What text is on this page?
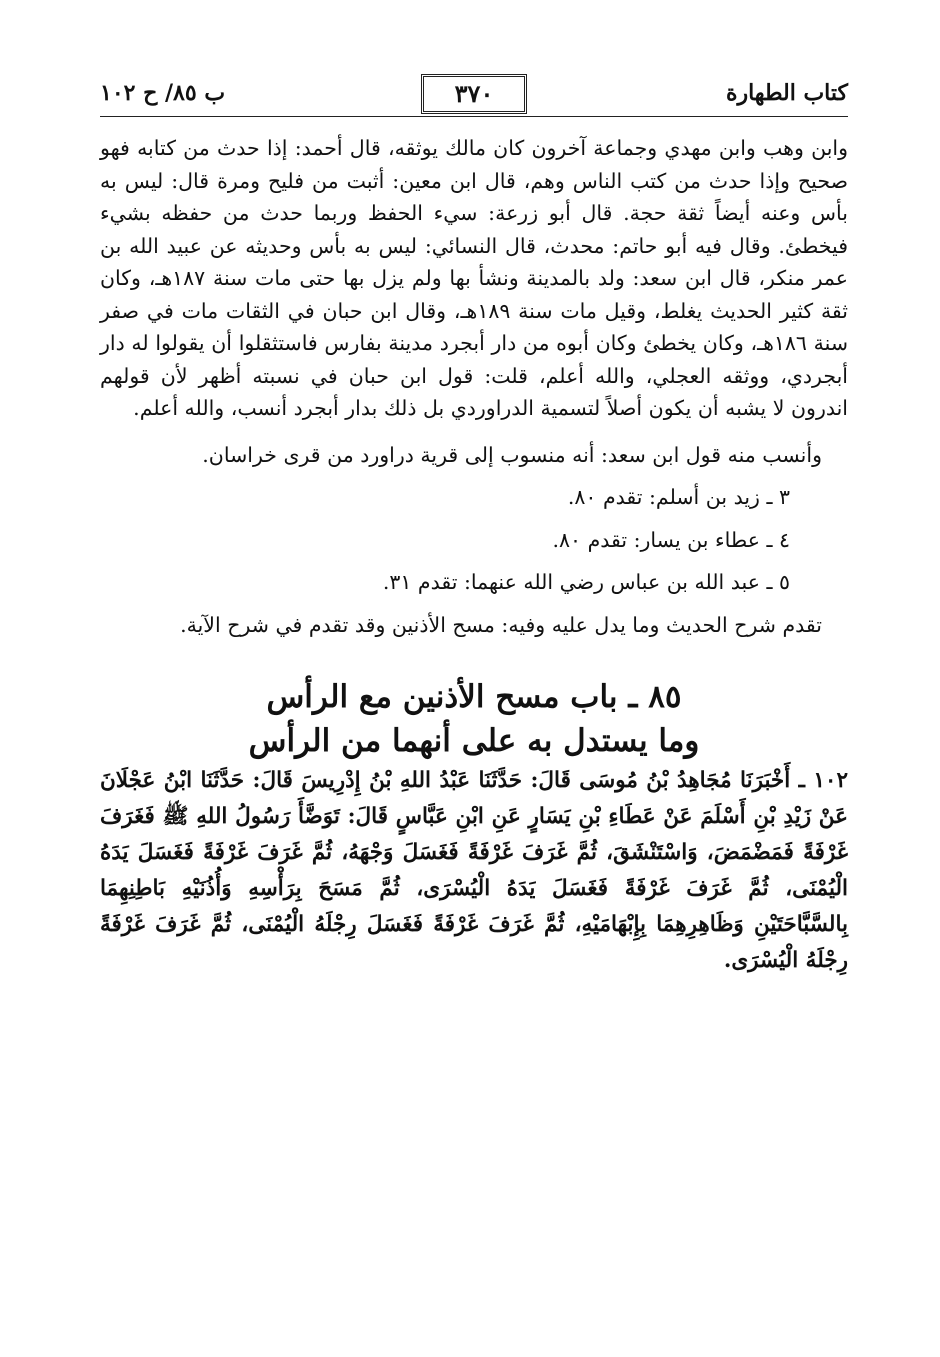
كتاب الطهارة
٣٧٠
ب ٨٥/ ح ١٠٢

وابن وهب وابن مهدي وجماعة آخرون كان مالك يوثقه، قال أحمد: إذا حدث من كتابه فهو صحيح وإذا حدث من كتب الناس وهم، قال ابن معين: أثبت من فليح ومرة قال: ليس به بأس وعنه أيضاً ثقة حجة. قال أبو زرعة: سيء الحفظ وربما حدث من حفظه بشيء فيخطئ. وقال فيه أبو حاتم: محدث، قال النسائي: ليس به بأس وحديثه عن عبيد الله بن عمر منكر، قال ابن سعد: ولد بالمدينة ونشأ بها ولم يزل بها حتى مات سنة ١٨٧هـ، وكان ثقة كثير الحديث يغلط، وقيل مات سنة ١٨٩هـ، وقال ابن حبان في الثقات مات في صفر سنة ١٨٦هـ، وكان يخطئ وكان أبوه من دار أبجرد مدينة بفارس فاستثقلوا أن يقولوا له دار أبجردي، ووثقه العجلي، والله أعلم، قلت: قول ابن حبان في نسبته أظهر لأن قولهم اندرون لا يشبه أن يكون أصلاً لتسمية الدراوردي بل ذلك بدار أبجرد أنسب، والله أعلم.

وأنسب منه قول ابن سعد: أنه منسوب إلى قرية دراورد من قرى خراسان.

٣ ـ زيد بن أسلم: تقدم ٨٠.

٤ ـ عطاء بن يسار: تقدم ٨٠.

٥ ـ عبد الله بن عباس رضي الله عنهما: تقدم ٣١.

تقدم شرح الحديث وما يدل عليه وفيه: مسح الأذنين وقد تقدم في شرح الآية.

٨٥ ـ باب مسح الأذنين مع الرأس
وما يستدل به على أنهما من الرأس

١٠٢ ـ أَخْبَرَنَا مُجَاهِدُ بْنُ مُوسَى قَالَ: حَدَّثَنَا عَبْدُ اللهِ بْنُ إِدْرِيسَ قَالَ: حَدَّثَنَا ابْنُ عَجْلَانَ عَنْ زَيْدِ بْنِ أَسْلَمَ عَنْ عَطَاءِ بْنِ يَسَارٍ عَنِ ابْنِ عَبَّاسٍ قَالَ: تَوَضَّأَ رَسُولُ اللهِ ﷺ فَغَرَفَ غَرْفَةً فَمَضْمَضَ، وَاسْتَنْشَقَ، ثُمَّ غَرَفَ غَرْفَةً فَغَسَلَ وَجْهَهُ، ثُمَّ غَرَفَ غَرْفَةً فَغَسَلَ يَدَهُ الْيُمْنَى، ثُمَّ غَرَفَ غَرْفَةً فَغَسَلَ يَدَهُ الْيُسْرَى، ثُمَّ مَسَحَ بِرَأْسِهِ وَأُذُنَيْهِ بَاطِنِهِمَا بِالسَّبَّاحَتَيْنِ وَظَاهِرِهِمَا بِإِبْهَامَيْهِ، ثُمَّ غَرَفَ غَرْفَةً فَغَسَلَ رِجْلَهُ الْيُمْنَى، ثُمَّ غَرَفَ غَرْفَةً رِجْلَهُ الْيُسْرَى.
